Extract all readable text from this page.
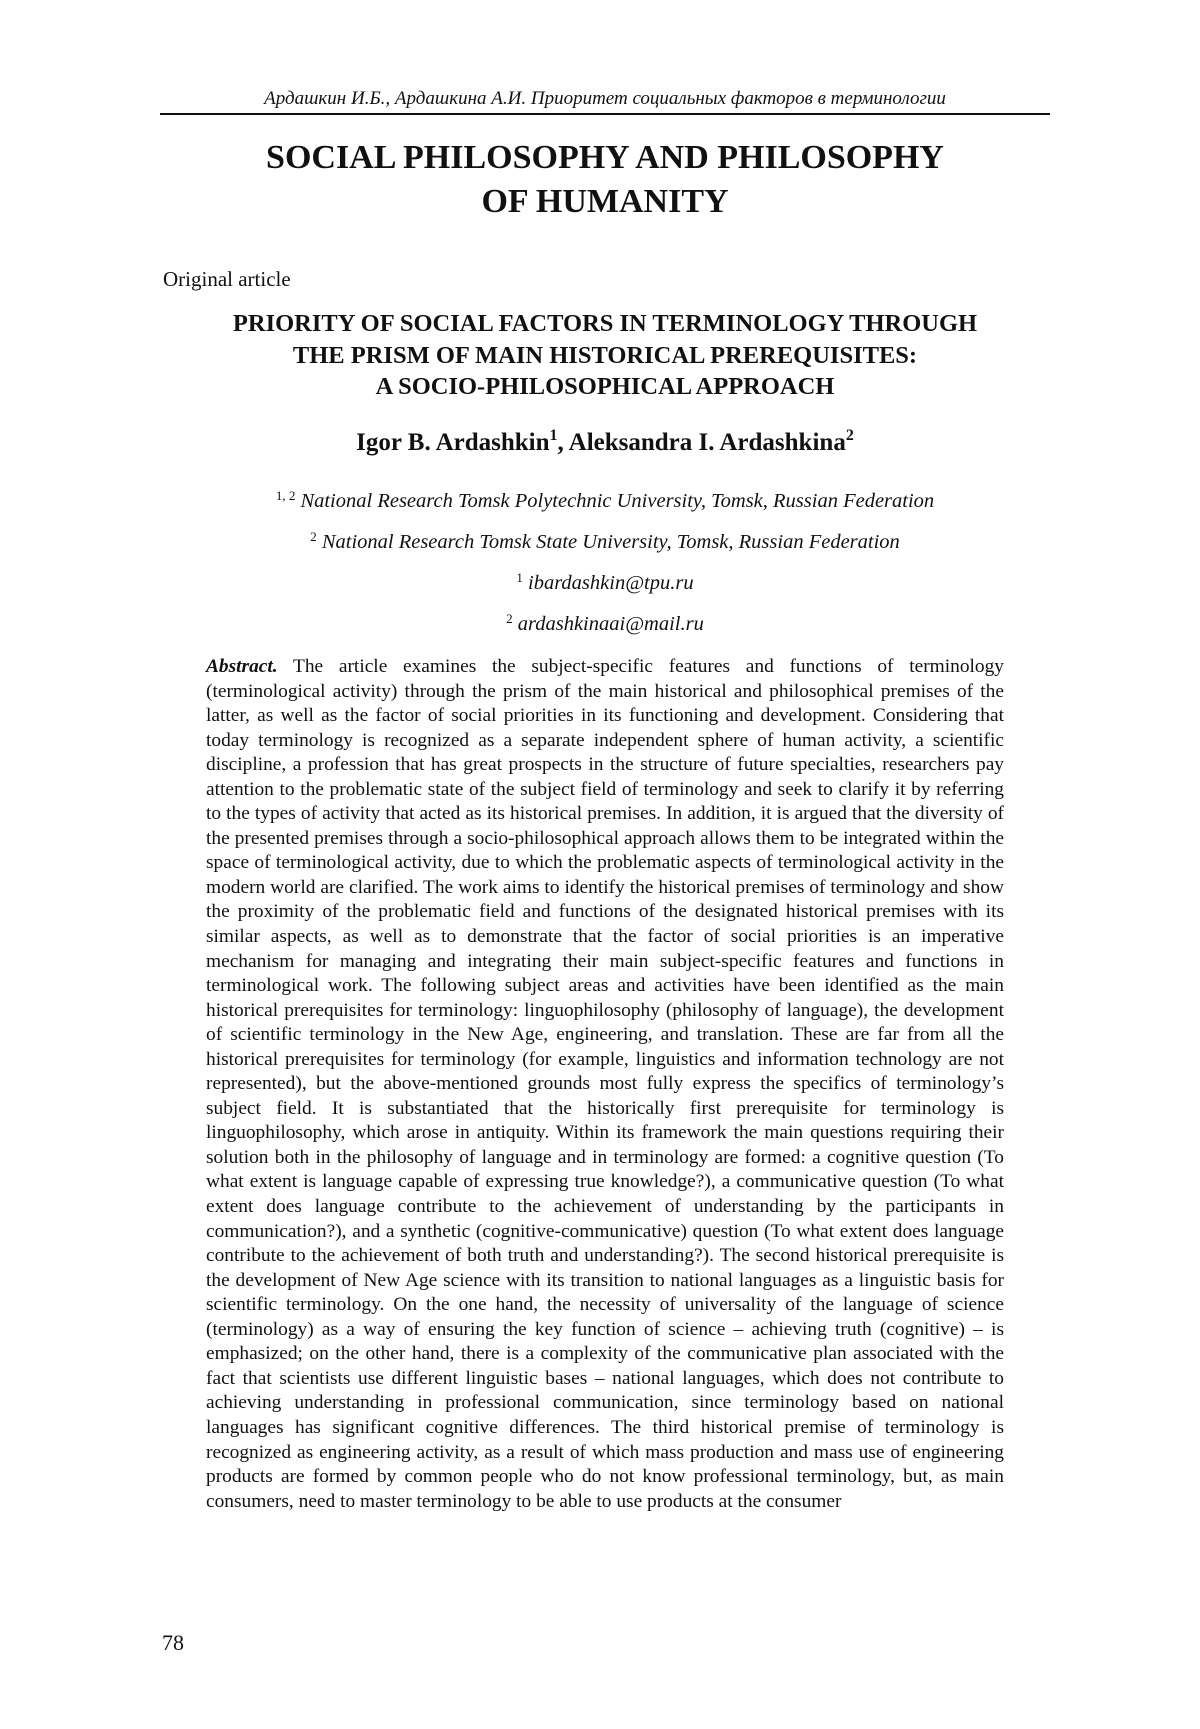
Ардашкин И.Б., Ардашкина А.И. Приоритет социальных факторов в терминологии
SOCIAL PHILOSOPHY AND PHILOSOPHY
OF HUMANITY
Original article
PRIORITY OF SOCIAL FACTORS IN TERMINOLOGY THROUGH
THE PRISM OF MAIN HISTORICAL PREREQUISITES:
A SOCIO-PHILOSOPHICAL APPROACH
Igor B. Ardashkin$^1$, Aleksandra I. Ardashkina$^2$
$^{1, 2}$ National Research Tomsk Polytechnic University, Tomsk, Russian Federation
$^2$ National Research Tomsk State University, Tomsk, Russian Federation
$^1$ ibardashkin@tpu.ru
$^2$ ardashkinaai@mail.ru
Abstract. The article examines the subject-specific features and functions of terminology (terminological activity) through the prism of the main historical and philosophical premises of the latter, as well as the factor of social priorities in its functioning and development. Considering that today terminology is recognized as a separate independent sphere of human activity, a scientific discipline, a profession that has great prospects in the structure of future specialties, researchers pay attention to the problematic state of the subject field of terminology and seek to clarify it by referring to the types of activity that acted as its historical premises. In addition, it is argued that the diversity of the presented premises through a socio-philosophical approach allows them to be integrated within the space of terminological activity, due to which the problematic aspects of terminological activity in the modern world are clarified. The work aims to identify the historical premises of terminology and show the proximity of the problematic field and functions of the designated historical premises with its similar aspects, as well as to demonstrate that the factor of social priorities is an imperative mechanism for managing and integrating their main subject-specific features and functions in terminological work. The following subject areas and activities have been identified as the main historical prerequisites for terminology: linguophilosophy (philosophy of language), the development of scientific terminology in the New Age, engineering, and translation. These are far from all the historical prerequisites for terminology (for example, linguistics and information technology are not represented), but the above-mentioned grounds most fully express the specifics of terminology’s subject field. It is substantiated that the historically first prerequisite for terminology is linguophilosophy, which arose in antiquity. Within its framework the main questions requiring their solution both in the philosophy of language and in terminology are formed: a cognitive question (To what extent is language capable of expressing true knowledge?), a communicative question (To what extent does language contribute to the achievement of understanding by the participants in communication?), and a synthetic (cognitive-communicative) question (To what extent does language contribute to the achievement of both truth and understanding?). The second historical prerequisite is the development of New Age science with its transition to national languages as a linguistic basis for scientific terminology. On the one hand, the necessity of universality of the language of science (terminology) as a way of ensuring the key function of science – achieving truth (cognitive) – is emphasized; on the other hand, there is a complexity of the communicative plan associated with the fact that scientists use different linguistic bases – national languages, which does not contribute to achieving understanding in professional communication, since terminology based on national languages has significant cognitive differences. The third historical premise of terminology is recognized as engineering activity, as a result of which mass production and mass use of engineering products are formed by common people who do not know professional terminology, but, as main consumers, need to master terminology to be able to use products at the consumer
78
